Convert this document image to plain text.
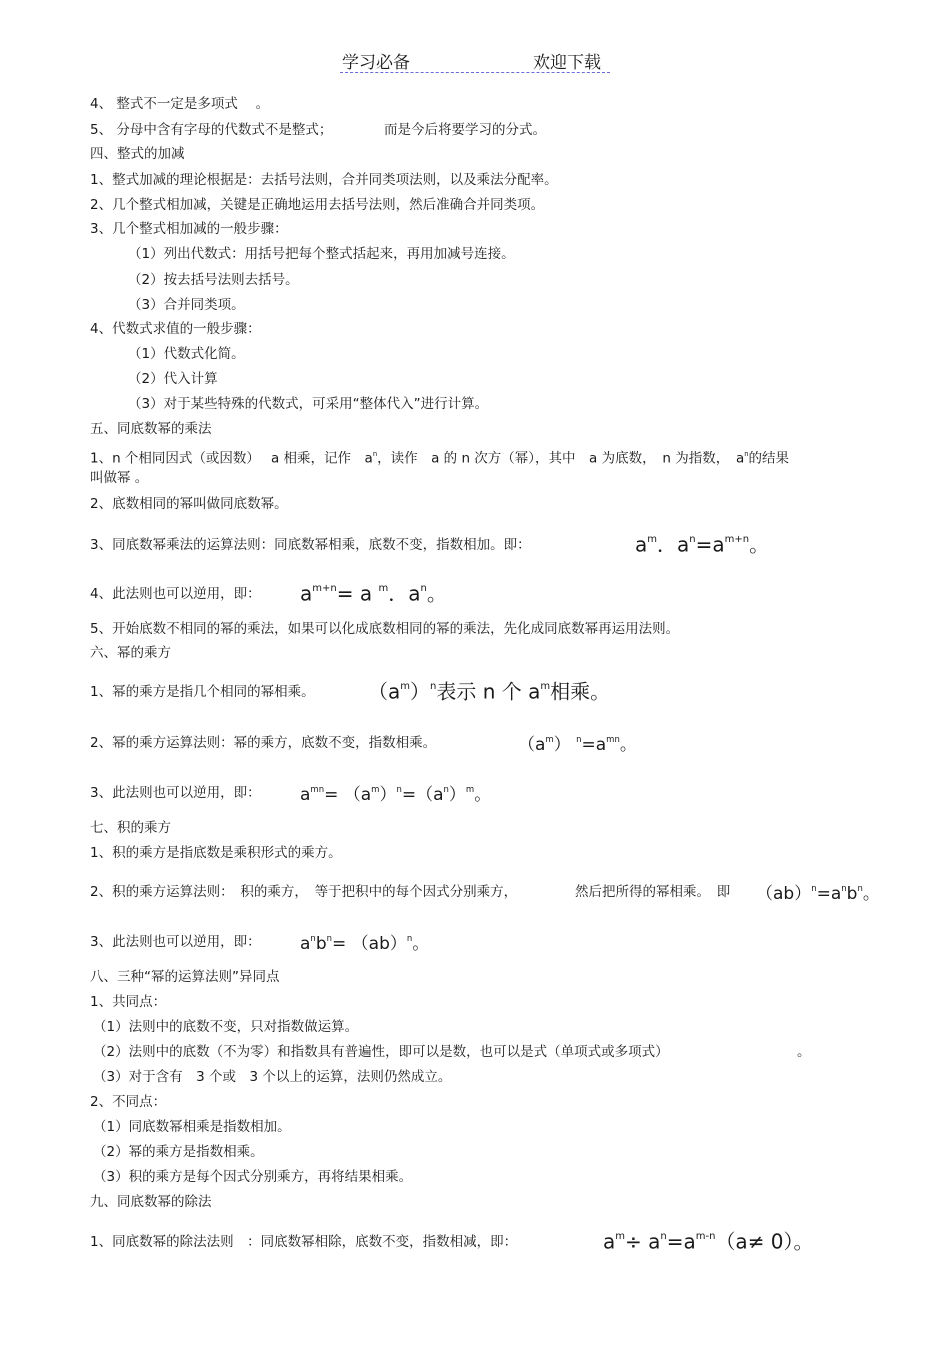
学习必备	欢迎下载
4、 整式不一定是多项式　 。
5、 分母中含有字母的代数式不是整式；	而是今后将要学习的分式。
四、整式的加减
1、整式加减的理论根据是：去括号法则，合并同类项法则，以及乘法分配率。
2、几个整式相加减，关键是正确地运用去括号法则，然后准确合并同类项。
3、几个整式相加减的一般步骤：
（1）列出代数式：用括号把每个整式括起来，再用加减号连接。
（2）按去括号法则去括号。
（3）合并同类项。
4、代数式求值的一般步骤：
（1）代数式化简。
（2）代入计算
（3）对于某些特殊的代数式，可采用“整体代入”进行计算。
五、同底数幂的乘法
1、n 个相同因式（或因数）　 a 相乘，记作　$a^n$，读作　a 的 n 次方（幂），其中　a 为底数，　n 为指数，　$a^n$的结果
叫做幂 。
2、底数相同的幂叫做同底数幂。
3、同底数幂乘法的运算法则：同底数幂相乘，底数不变，指数相加。即：	$a^m$．$a^n=a^{m+n}$。
4、此法则也可以逆用，即： $a^{m+n}= a$ $^m$．$a^n$。
5、开始底数不相同的幂的乘法，如果可以化成底数相同的幂的乘法，先化成同底数幂再运用法则。
六、幂的乘方
1、幂的乘方是指几个相同的幂相乘。	$(a^m)^n$表示 n 个 $a^m$相乘。
2、幂的乘方运算法则：幂的乘方，底数不变，指数相乘。	$(a^m)$ $^n=a^{mn}$。
3、此法则也可以逆用，即： $a^{mn}= (a^m)^n=(a^n)^m$。
七、积的乘方
1、积的乘方是指底数是乘积形式的乘方。
2、积的乘方运算法则：　积的乘方，　等于把积中的每个因式分别乘方，	然后把所得的幂相乘。　即 $(ab)^n=a^nb^n$。
3、此法则也可以逆用，即： $a^nb^n= (ab)^n$。
八、三种“幂的运算法则”异同点
1、共同点：
（1）法则中的底数不变，只对指数做运算。
（2）法则中的底数（不为零）和指数具有普遍性，即可以是数，也可以是式（单项式或多项式）	。
（3）对于含有　3 个或　3 个以上的运算，法则仍然成立。
2、不同点：
（1）同底数幂相乘是指数相加。
（2）幂的乘方是指数相乘。
（3）积的乘方是每个因式分别乘方，再将结果相乘。
九、同底数幂的除法
1、同底数幂的除法法则　：同底数幂相除，底数不变，指数相减，即：	$a^m\div a^n=a^{m-n}(a\ne 0)$。
